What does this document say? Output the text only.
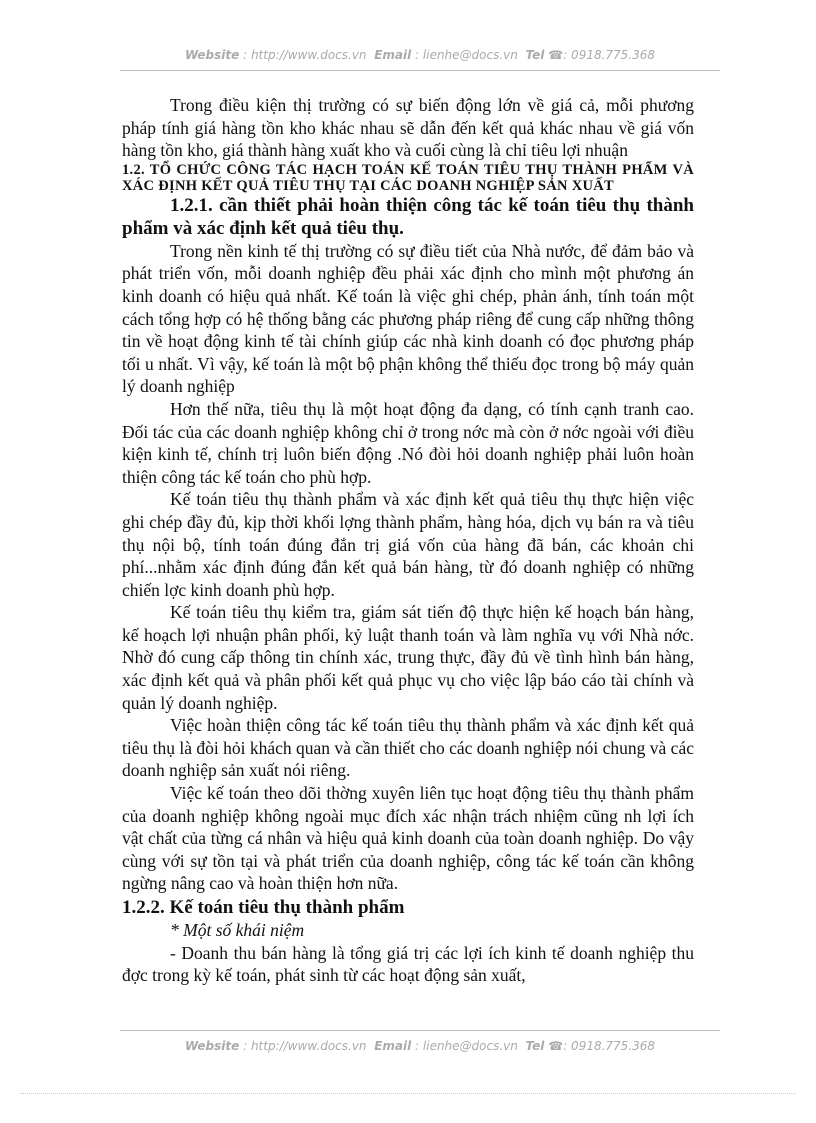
Website : http://www.docs.vn Email : lienhe@docs.vn Tel ☎: 0918.775.368

Trong điều kiện thị trường có sự biến động lớn về giá cả, mỗi phương pháp tính giá hàng tồn kho khác nhau sẽ dẫn đến kết quả khác nhau về giá vốn hàng tồn kho, giá thành hàng xuất kho và cuối cùng là chỉ tiêu lợi nhuận

1.2. TỔ CHỨC CÔNG TÁC HẠCH TOÁN KẾ TOÁN TIÊU THỤ THÀNH PHẨM VÀ XÁC ĐỊNH KẾT QUẢ TIÊU THỤ TẠI CÁC DOANH NGHIỆP SẢN XUẤT

1.2.1. cần thiết phải hoàn thiện công tác kế toán tiêu thụ thành phẩm và xác định kết quả tiêu thụ.

Trong nền kinh tế thị trường có sự điều tiết của Nhà nước, để đảm bảo và phát triển vốn, mỗi doanh nghiệp đều phải xác định cho mình một phương án kinh doanh có hiệu quả nhất. Kế toán là việc ghi chép, phản ánh, tính toán một cách tổng hợp có hệ thống bằng các phương pháp riêng để cung cấp những thông tin về hoạt động kinh tế tài chính giúp các nhà kinh doanh có đọc phương pháp tối u nhất. Vì vậy, kế toán là một bộ phận không thể thiếu đọc trong bộ máy quản lý doanh nghiệp

Hơn thế nữa, tiêu thụ là một hoạt động đa dạng, có tính cạnh tranh cao. Đối tác của các doanh nghiệp không chỉ ở trong nớc mà còn ở nớc ngoài với điều kiện kinh tế, chính trị luôn biến động .Nó đòi hỏi doanh nghiệp phải luôn hoàn thiện công tác kế toán cho phù hợp.

Kế toán tiêu thụ thành phẩm và xác định kết quả tiêu thụ thực hiện việc ghi chép đầy đủ, kịp thời khối lợng thành phẩm, hàng hóa, dịch vụ bán ra và tiêu thụ nội bộ, tính toán đúng đắn trị giá vốn của hàng đã bán, các khoản chi phí...nhằm xác định đúng đắn kết quả bán hàng, từ đó doanh nghiệp có những chiến lợc kinh doanh phù hợp.

Kế toán tiêu thụ kiểm tra, giám sát tiến độ thực hiện kế hoạch bán hàng, kế hoạch lợi nhuận phân phối, kỷ luật thanh toán và làm nghĩa vụ với Nhà nớc. Nhờ đó cung cấp thông tin chính xác, trung thực, đầy đủ về tình hình bán hàng, xác định kết quả và phân phối kết quả phục vụ cho việc lập báo cáo tài chính và quản lý doanh nghiệp.

Việc hoàn thiện công tác kế toán tiêu thụ thành phẩm và xác định kết quả tiêu thụ là đòi hỏi khách quan và cần thiết cho các doanh nghiệp nói chung và các doanh nghiệp sản xuất nói riêng.

Việc kế toán theo dõi thờng xuyên liên tục hoạt động tiêu thụ thành phẩm của doanh nghiệp không ngoài mục đích xác nhận trách nhiệm cũng nh lợi ích vật chất của từng cá nhân và hiệu quả kinh doanh của toàn doanh nghiệp. Do vậy cùng với sự tồn tại và phát triển của doanh nghiệp, công tác kế toán cần không ngừng nâng cao và hoàn thiện hơn nữa.

1.2.2. Kế toán tiêu thụ thành phẩm

* Một số khái niệm

- Doanh thu bán hàng là tổng giá trị các lợi ích kinh tế doanh nghiệp thu đợc trong kỳ kế toán, phát sinh từ các hoạt động sản xuất,

Website : http://www.docs.vn Email : lienhe@docs.vn Tel ☎: 0918.775.368
